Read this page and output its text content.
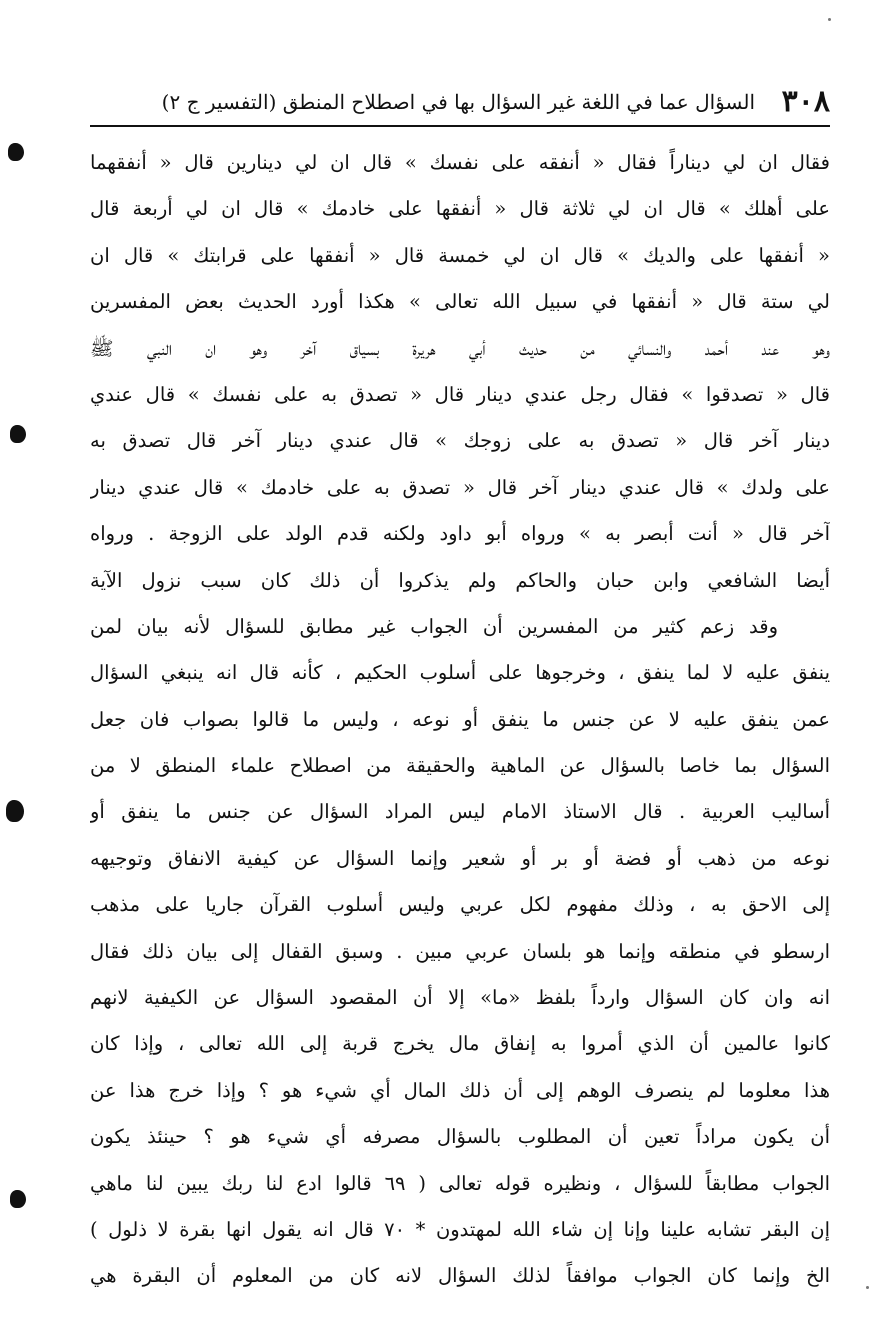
٣٠٨
السؤال عما في اللغة غير السؤال بها في اصطلاح المنطق (التفسير ج ٢)
فقال ان لي ديناراً فقال « أنفقه على نفسك » قال ان لي دينارين قال « أنفقهما
على أهلك » قال ان لي ثلاثة قال « أنفقها على خادمك » قال ان لي أربعة قال
« أنفقها على والديك » قال ان لي خمسة قال « أنفقها على قرابتك » قال ان
لي ستة قال « أنفقها في سبيل الله تعالى » هكذا أورد الحديث بعض المفسرين
وهو عند أحمد والنسائي من حديث أبي هريرة بسياق آخر وهو ان النبي ﷺ
قال « تصدقوا » فقال رجل عندي دينار قال « تصدق به على نفسك » قال عندي
دينار آخر قال « تصدق به على زوجك » قال عندي دينار آخر قال تصدق به
على ولدك » قال عندي دينار آخر قال « تصدق به على خادمك » قال عندي دينار
آخر قال « أنت أبصر به » ورواه أبو داود ولكنه قدم الولد على الزوجة . ورواه
أيضا الشافعي وابن حبان والحاكم ولم يذكروا أن ذلك كان سبب نزول الآية
وقد زعم كثير من المفسرين أن الجواب غير مطابق للسؤال لأنه بيان لمن
ينفق عليه لا لما ينفق ، وخرجوها على أسلوب الحكيم ، كأنه قال انه ينبغي السؤال
عمن ينفق عليه لا عن جنس ما ينفق أو نوعه ، وليس ما قالوا بصواب فان جعل
السؤال بما خاصا بالسؤال عن الماهية والحقيقة من اصطلاح علماء المنطق لا من
أساليب العربية . قال الاستاذ الامام ليس المراد السؤال عن جنس ما ينفق أو
نوعه من ذهب أو فضة أو بر أو شعير وإنما السؤال عن كيفية الانفاق وتوجيهه
إلى الاحق به ، وذلك مفهوم لكل عربي وليس أسلوب القرآن جاريا على مذهب
ارسطو في منطقه وإنما هو بلسان عربي مبين . وسبق القفال إلى بيان ذلك فقال
انه وان كان السؤال وارداً بلفظ «ما» إلا أن المقصود السؤال عن الكيفية لانهم
كانوا عالمين أن الذي أمروا به إنفاق مال يخرج قربة إلى الله تعالى ، وإذا كان
هذا معلوما لم ينصرف الوهم إلى أن ذلك المال أي شيء هو ؟ وإذا خرج هذا عن
أن يكون مراداً تعين أن المطلوب بالسؤال مصرفه أي شيء هو ؟ حينئذ يكون
الجواب مطابقاً للسؤال ، ونظيره قوله تعالى ( ٦٩ قالوا ادع لنا ربك يبين لنا ماهي
إن البقر تشابه علينا وإنا إن شاء الله لمهتدون * ٧٠ قال انه يقول انها بقرة لا ذلول )
الخ وإنما كان الجواب موافقاً لذلك السؤال لانه كان من المعلوم أن البقرة هي
